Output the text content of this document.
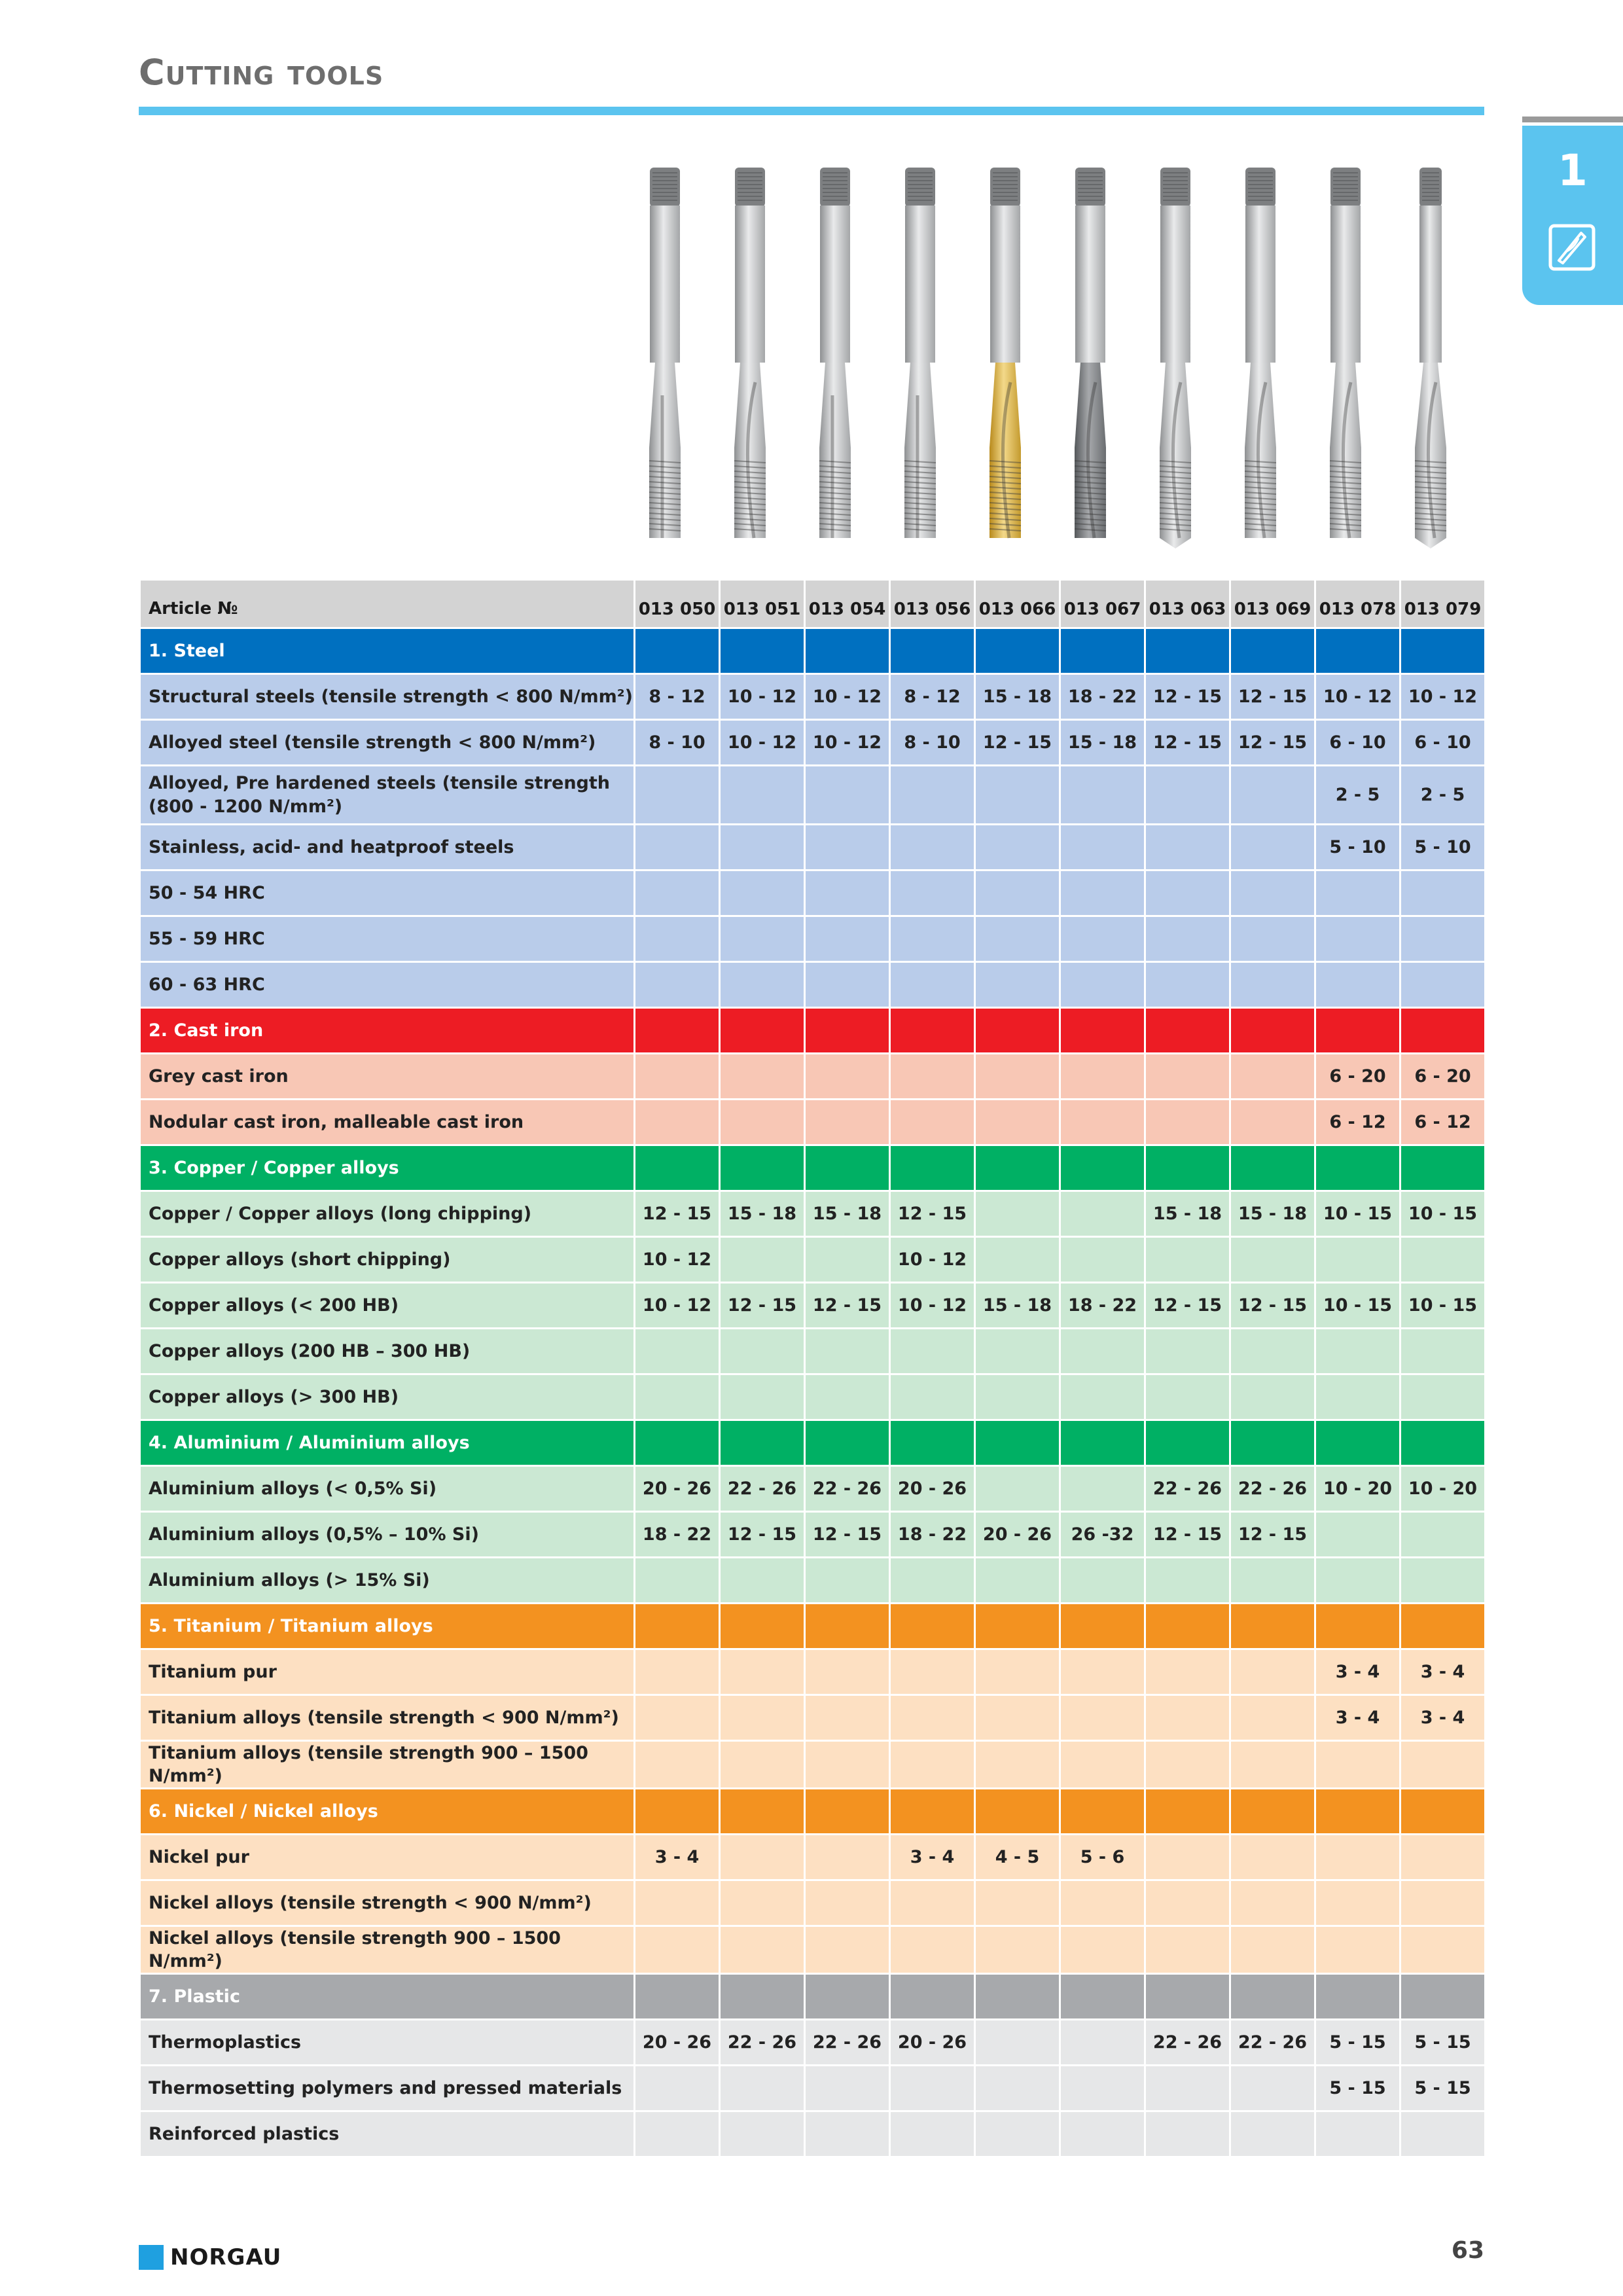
Cutting tools
1
Article №	013 050	013 051	013 054	013 056	013 066	013 067	013 063	013 069	013 078	013 079
1. Steel										
Structural steels (tensile strength < 800 N/mm²)	8 - 12	10 - 12	10 - 12	8 - 12	15 - 18	18 - 22	12 - 15	12 - 15	10 - 12	10 - 12
Alloyed steel (tensile strength < 800 N/mm²)	8 - 10	10 - 12	10 - 12	8 - 10	12 - 15	15 - 18	12 - 15	12 - 15	6 - 10	6 - 10
Alloyed, Pre hardened steels (tensile strength (800 - 1200 N/mm²)									2 - 5	2 - 5
Stainless, acid- and heatproof steels									5 - 10	5 - 10
50 - 54 HRC										
55 - 59 HRC										
60 - 63 HRC										
2. Cast iron										
Grey cast iron									6 - 20	6 - 20
Nodular cast iron, malleable cast iron									6 - 12	6 - 12
3. Copper / Copper alloys										
Copper / Copper alloys (long chipping)	12 - 15	15 - 18	15 - 18	12 - 15			15 - 18	15 - 18	10 - 15	10 - 15
Copper alloys (short chipping)	10 - 12			10 - 12						
Copper alloys (< 200 HB)	10 - 12	12 - 15	12 - 15	10 - 12	15 - 18	18 - 22	12 - 15	12 - 15	10 - 15	10 - 15
Copper alloys (200 HB – 300 HB)										
Copper alloys (> 300 HB)										
4. Aluminium / Aluminium alloys										
Aluminium alloys (< 0,5% Si)	20 - 26	22 - 26	22 - 26	20 - 26			22 - 26	22 - 26	10 - 20	10 - 20
Aluminium alloys (0,5% – 10% Si)	18 - 22	12 - 15	12 - 15	18 - 22	20 - 26	26 -32	12 - 15	12 - 15		
Aluminium alloys (> 15% Si)										
5. Titanium / Titanium alloys										
Titanium pur									3 - 4	3 - 4
Titanium alloys (tensile strength < 900 N/mm²)									3 - 4	3 - 4
Titanium alloys (tensile strength 900 – 1500 N/mm²)										
6. Nickel / Nickel alloys										
Nickel pur	3 - 4			3 - 4	4 - 5	5 - 6				
Nickel alloys (tensile strength < 900 N/mm²)										
Nickel alloys (tensile strength 900 – 1500 N/mm²)										
7. Plastic										
Thermoplastics	20 - 26	22 - 26	22 - 26	20 - 26			22 - 26	22 - 26	5 - 15	5 - 15
Thermosetting polymers and pressed materials									5 - 15	5 - 15
Reinforced plastics										
NORGAU	63
